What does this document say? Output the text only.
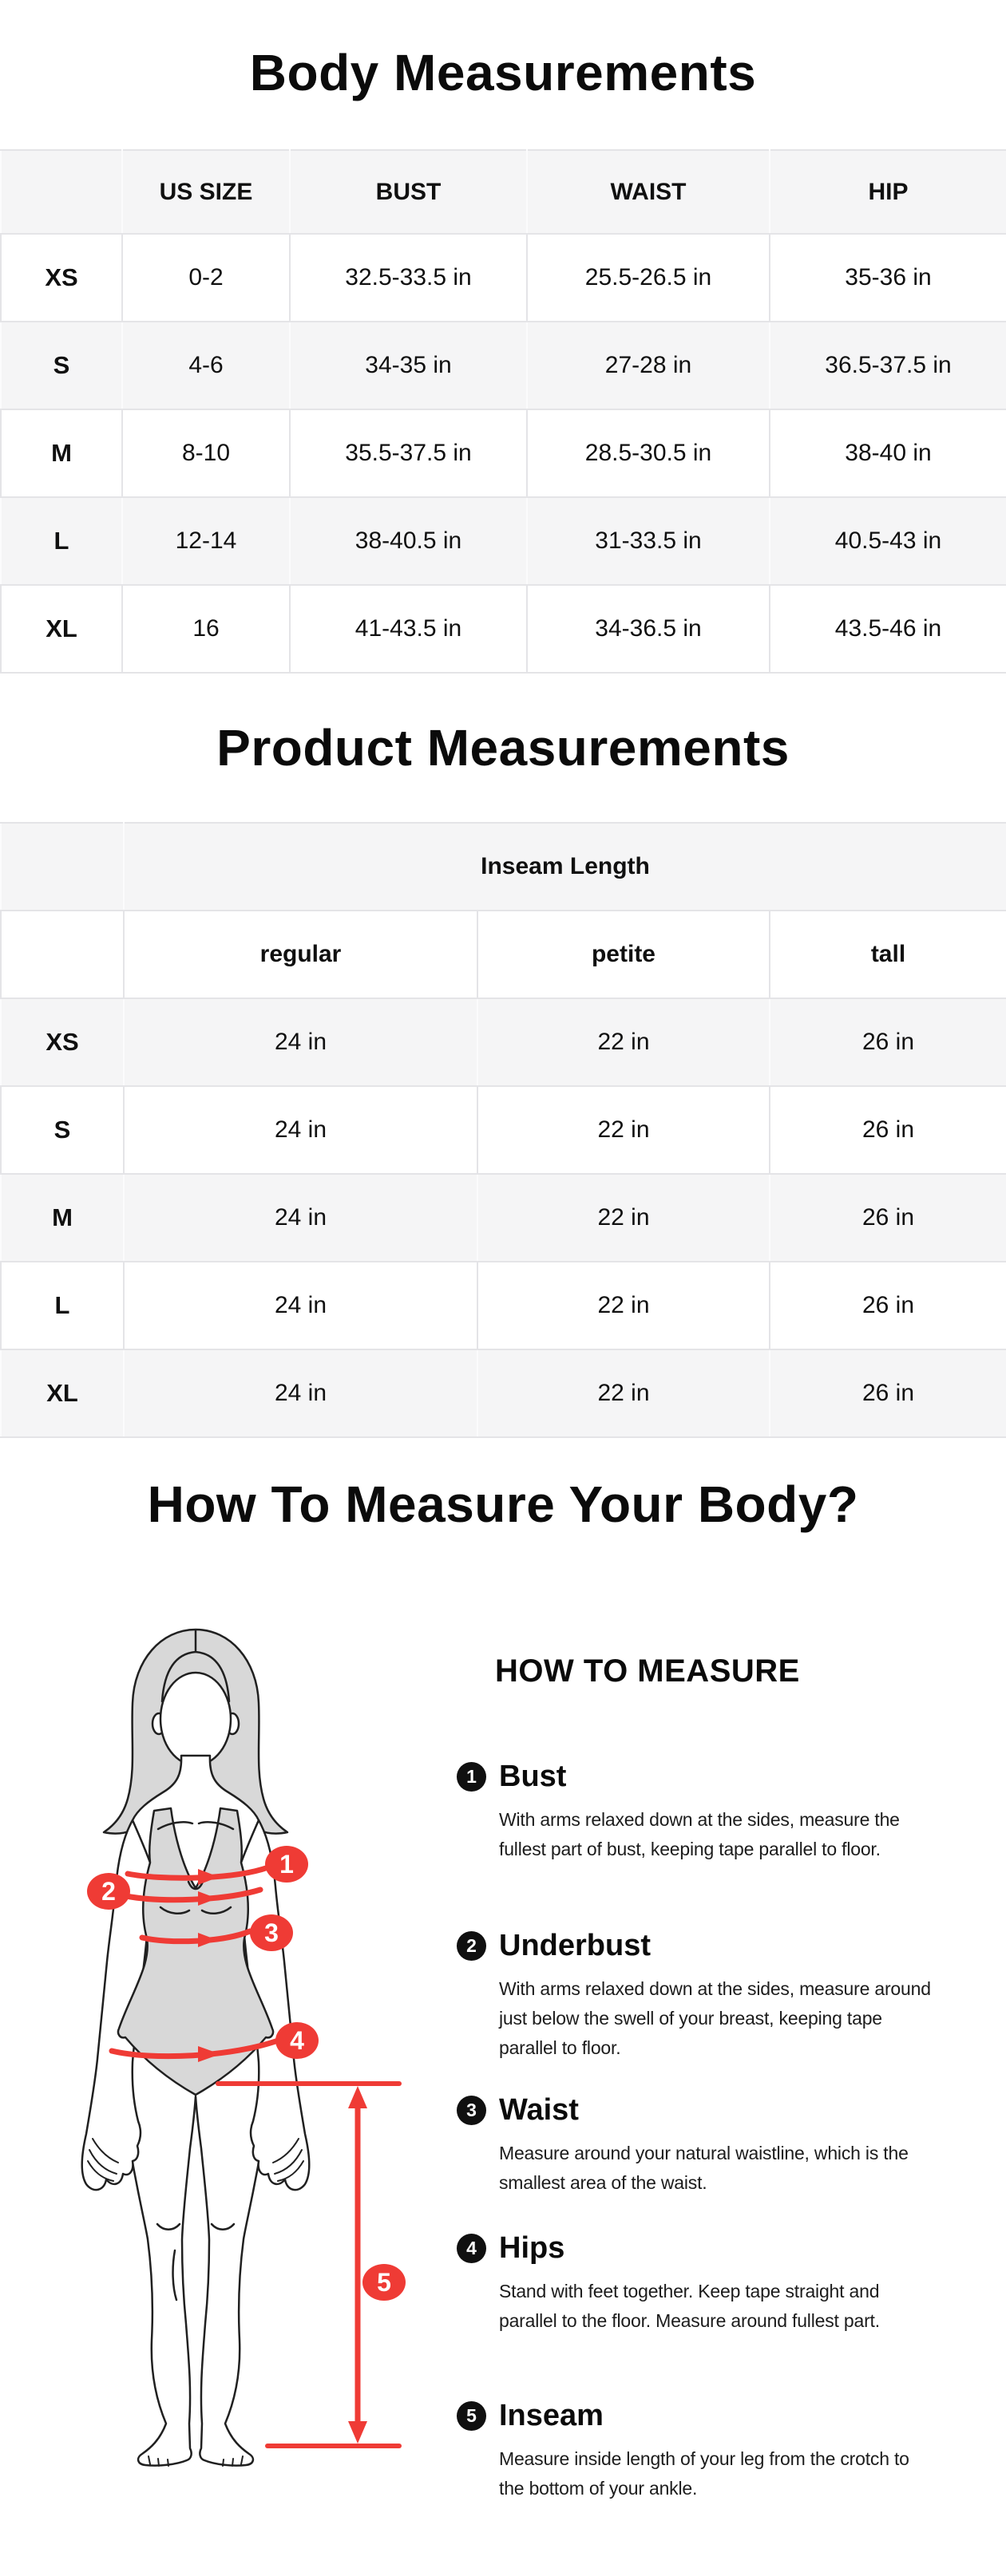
Body Measurements
	US SIZE	BUST	WAIST	HIP
XS	0-2	32.5-33.5 in	25.5-26.5 in	35-36 in
S	4-6	34-35 in	27-28 in	36.5-37.5 in
M	8-10	35.5-37.5 in	28.5-30.5 in	38-40 in
L	12-14	38-40.5 in	31-33.5 in	40.5-43 in
XL	16	41-43.5 in	34-36.5 in	43.5-46 in
Product Measurements
	Inseam Length		
	regular	petite	tall
XS	24 in	22 in	26 in
S	24 in	22 in	26 in
M	24 in	22 in	26 in
L	24 in	22 in	26 in
XL	24 in	22 in	26 in
How To Measure Your Body?
1
2
3
4
5
HOW TO MEASURE
1 Bust
With arms relaxed down at the sides, measure the fullest part of bust, keeping tape parallel to floor.
2 Underbust
With arms relaxed down at the sides, measure around just below the swell of your breast, keeping tape parallel to floor.
3 Waist
Measure around your natural waistline, which is the smallest area of the waist.
4 Hips
Stand with feet together. Keep tape straight and parallel to the floor. Measure around fullest part.
5 Inseam
Measure inside length of your leg from the crotch to the bottom of your ankle.
